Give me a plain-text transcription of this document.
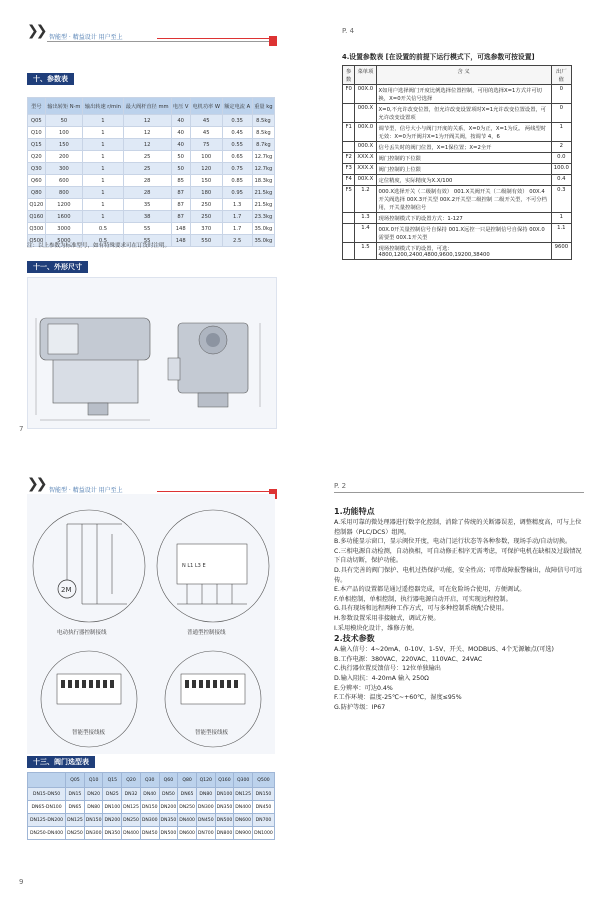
❯❯ 智能型 · 精益设计 用户至上
十、参数表
型号	输出转矩 N·m	输出转速 r/min	最大阀杆直径 mm	电压 V	电机功率 W	额定电流 A	重量 kg
Q05	50	1	12	40	45	0.35	8.5kg
Q10	100	1	12	40	45	0.45	8.5kg
Q15	150	1	12	40	75	0.55	8.7kg
Q20	200	1	25	50	100	0.65	12.7kg
Q30	300	1	25	50	120	0.75	12.7kg
Q60	600	1	28	85	150	0.85	18.3kg
Q80	800	1	28	87	180	0.95	21.5kg
Q120	1200	1	35	87	250	1.3	21.5kg
Q160	1600	1	38	87	250	1.7	23.3kg
Q300	3000	0.5	55	148	370	1.7	35.0kg
Q500	5000	0.5	55	148	550	2.5	35.0kg
注：以上参数为标准型号，如有特殊要求可在订货时注明。
十一、外形尺寸
7
P. 4
4.设置参数表 [在设置的前提下运行模式下，可选参数可按设置]
参数	菜单项	含 义	出厂值
F0	00X.0	X如用户选择阀门开度比例选择位置控制，可用的选择X=1方式并可切换，X=0开关信号选择	0
	000.X	X=0,不允许改变位置，但允许改变设置项时X=1允许改变位置设置，可允许改变设置项	0
F1	00X.0	调节型，信号大小与阀门开度的关系，X=0为正，X=1为反。 两线型时无效：X=0为开阀并X=1为开阀关阀，按调节 4，6	1
	000.X	信号丢失时的阀门位置，X=1保位置；X=2全开	2
F2	XXX.X	阀门控制的下位限	0.0
F3	XXX.X	阀门控制的上位限	100.0
F4	00X.X	定位精度，实际精度为X.X/100	0.4
F5	1.2	000.X选择开关（二级制有效） 001.X关阀开关（二级制有效） 00X.4开关阀选择 00X.3开关型 00X.2开关型二级控制 二级开关型，不可分档用，开关量控制信号	0.3
	1.3	现场控制模式下的设置方式：1-127	1
	1.4	00X.0开关量控制信号自保持 001.X远控一只是控制信号自保持 00X.0需要型 00X.1开关型	1.1
	1.5	现场控制模式下的设置，可选：4800,1200,2400,4800,9600,19200,38400	9600
❯❯ 智能型 · 精益设计 用户至上
2M
N L1 L3 E
电动执行器控制接线	普通型控制接线
智能型接线板	智能型接线板
十三、阀门选型表
	Q05	Q10	Q15	Q20	Q30	Q60	Q80	Q120	Q160	Q300	Q500
DN15-DN50	DN15	DN20	DN25	DN32	DN40	DN50	DN65	DN80	DN100	DN125	DN150
DN65-DN100	DN65	DN80	DN100	DN125	DN150	DN200	DN250	DN300	DN350	DN400	DN450
DN125-DN200	DN125	DN150	DN200	DN250	DN300	DN350	DN400	DN450	DN500	DN600	DN700
DN250-DN400	DN250	DN300	DN350	DN400	DN450	DN500	DN600	DN700	DN800	DN900	DN1000
9
P. 2
1.功能特点

A.采用可靠的微处理器进行数字化控制，消除了传统的关断器误差，调整精度高，可与上位控制器（PLC/DCS）组网。

B.多功能显示窗口，显示阀位开度，电动门运行状态等各种参数，现场手动/自动切换。

C.三相电源自动检测，自动换相，可自动修正相序无需考虑，可保护电机在缺相及过载情况下自动切断，保护功能。

D.具有完善的阀门保护、电机过热保护功能，安全性高；可带故障报警输出，故障信号可远传。

E.本产品的设置都是通过遥控器完成，可在危险场合使用，方便调试。

F.单相控制，单相控制，执行器电源自动开启，可实现远程控制。

G.具有现场和远程两种工作方式，可与多种控制系统配合使用。

H.参数设置采用非接触式，调试方便。

I.采用模块化设计，维修方便。

2.技术参数

A.输入信号：4~20mA、0-10V、1-5V、开关、MODBUS、4个无源触点(可选)

B.工作电源：380VAC、220VAC、110VAC、24VAC

C.执行器位置反馈信号：12位单独输出

D.输入阻抗：4-20mA 输入 250Ω

E.分辨率：可达0.4%

F.工作环境：温度-25℃~+60℃，湿度≤95%

G.防护等级：IP67
